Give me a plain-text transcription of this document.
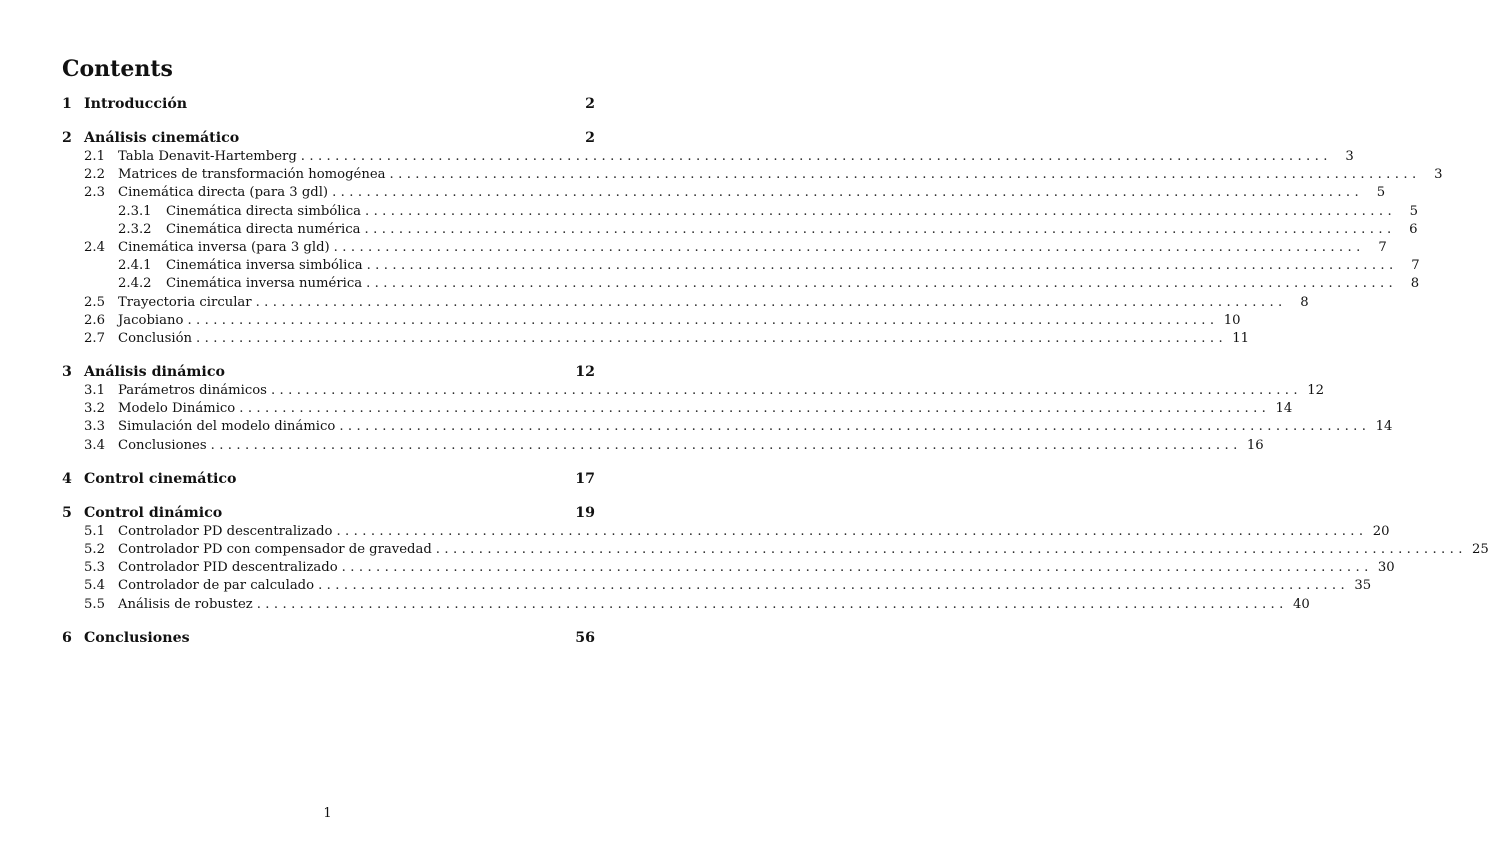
Contents
1 Introducción	2
2 Análisis cinemático	2
2.1 Tabla Denavit-Hartemberg ........................................................................................................................	3
2.2 Matrices de transformación homogénea ........................................................................................................................	3
2.3 Cinemática directa (para 3 gdl) ........................................................................................................................	5
2.3.1	Cinemática directa simbólica ........................................................................................................................	5
2.3.2	Cinemática directa numérica ........................................................................................................................	6
2.4 Cinemática inversa (para 3 gld) ........................................................................................................................	7
2.4.1	Cinemática inversa simbólica ........................................................................................................................	7
2.4.2	Cinemática inversa numérica ........................................................................................................................	8
2.5 Trayectoria circular ........................................................................................................................	8
2.6 Jacobiano ........................................................................................................................ 10
2.7 Conclusión ........................................................................................................................ 11
3 Análisis dinámico	12
3.1 Parámetros dinámicos ........................................................................................................................ 12
3.2 Modelo Dinámico ........................................................................................................................ 14
3.3 Simulación del modelo dinámico ........................................................................................................................ 14
3.4 Conclusiones ........................................................................................................................ 16
4 Control cinemático	17
5 Control dinámico	19
5.1 Controlador PD descentralizado ........................................................................................................................ 20
5.2 Controlador PD con compensador de gravedad ........................................................................................................................ 25
5.3 Controlador PID descentralizado ........................................................................................................................ 30
5.4 Controlador de par calculado ........................................................................................................................ 35
5.5 Análisis de robustez ........................................................................................................................ 40
6 Conclusiones	56
1
